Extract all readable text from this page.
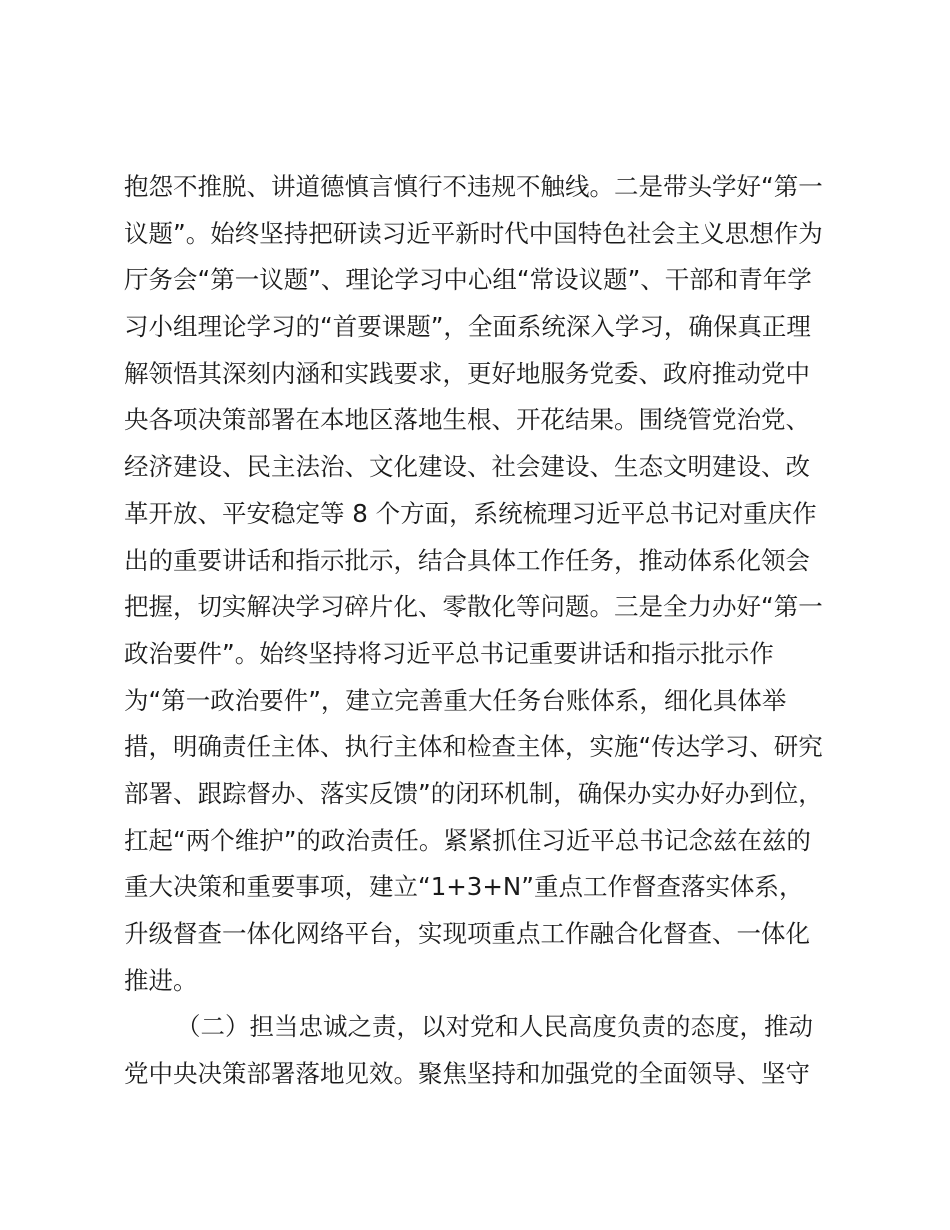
抱怨不推脱、讲道德慎言慎行不违规不触线。二是带头学好“第一
议题”。始终坚持把研读习近平新时代中国特色社会主义思想作为
厅务会“第一议题”、理论学习中心组“常设议题”、干部和青年学
习小组理论学习的“首要课题”，全面系统深入学习，确保真正理
解领悟其深刻内涵和实践要求，更好地服务党委、政府推动党中
央各项决策部署在本地区落地生根、开花结果。围绕管党治党、
经济建设、民主法治、文化建设、社会建设、生态文明建设、改
革开放、平安稳定等 8 个方面，系统梳理习近平总书记对重庆作
出的重要讲话和指示批示，结合具体工作任务，推动体系化领会
把握，切实解决学习碎片化、零散化等问题。三是全力办好“第一
政治要件”。始终坚持将习近平总书记重要讲话和指示批示作
为“第一政治要件”，建立完善重大任务台账体系，细化具体举
措，明确责任主体、执行主体和检查主体，实施“传达学习、研究
部署、跟踪督办、落实反馈”的闭环机制，确保办实办好办到位，
扛起“两个维护”的政治责任。紧紧抓住习近平总书记念兹在兹的
重大决策和重要事项，建立“1+3+N”重点工作督查落实体系，
升级督查一体化网络平台，实现项重点工作融合化督查、一体化
推进。
（二）担当忠诚之责，以对党和人民高度负责的态度，推动
党中央决策部署落地见效。聚焦坚持和加强党的全面领导、坚守
